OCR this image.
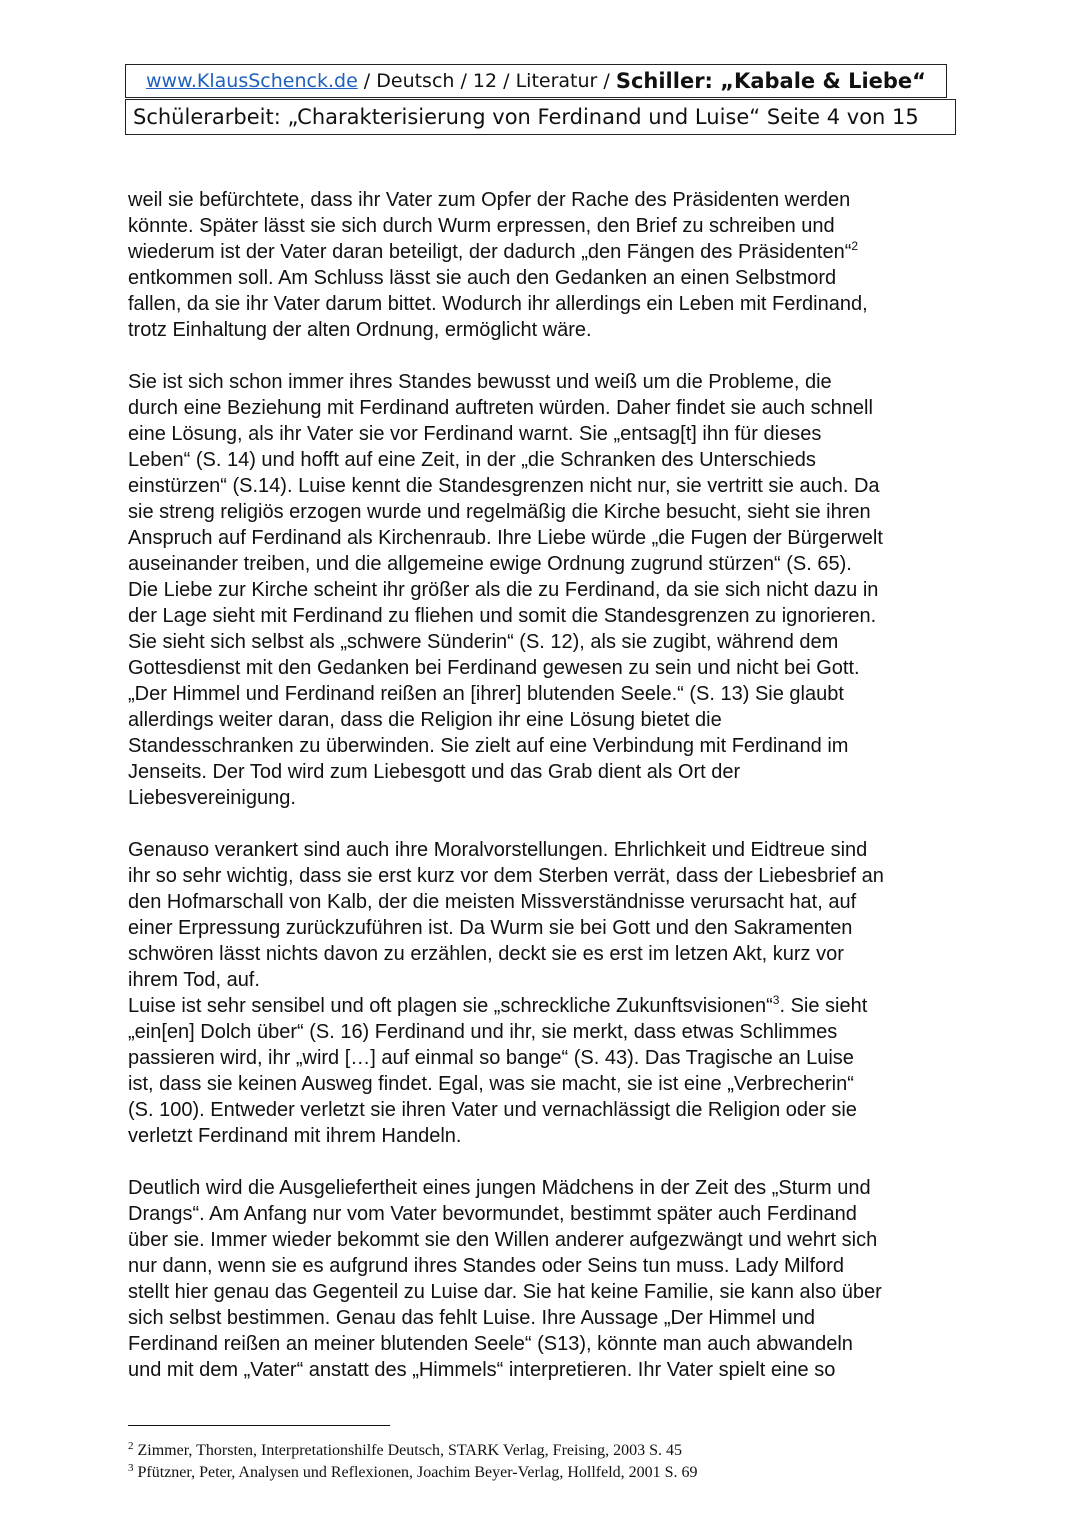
www.KlausSchenck.de / Deutsch / 12 / Literatur / Schiller: „Kabale & Liebe“
Schülerarbeit: „Charakterisierung von Ferdinand und Luise“ Seite 4 von 15
weil sie befürchtete, dass ihr Vater zum Opfer der Rache des Präsidenten werden
könnte. Später lässt sie sich durch Wurm erpressen, den Brief zu schreiben und
wiederum ist der Vater daran beteiligt, der dadurch „den Fängen des Präsidenten“$^2$
entkommen soll. Am Schluss lässt sie auch den Gedanken an einen Selbstmord
fallen, da sie ihr Vater darum bittet. Wodurch ihr allerdings ein Leben mit Ferdinand,
trotz Einhaltung der alten Ordnung, ermöglicht wäre.
Sie ist sich schon immer ihres Standes bewusst und weiß um die Probleme, die
durch eine Beziehung mit Ferdinand auftreten würden. Daher findet sie auch schnell
eine Lösung, als ihr Vater sie vor Ferdinand warnt. Sie „entsag[t] ihn für dieses
Leben“ (S. 14) und hofft auf eine Zeit, in der „die Schranken des Unterschieds
einstürzen“ (S.14). Luise kennt die Standesgrenzen nicht nur, sie vertritt sie auch. Da
sie streng religiös erzogen wurde und regelmäßig die Kirche besucht, sieht sie ihren
Anspruch auf Ferdinand als Kirchenraub. Ihre Liebe würde „die Fugen der Bürgerwelt
auseinander treiben, und die allgemeine ewige Ordnung zugrund stürzen“ (S. 65).
Die Liebe zur Kirche scheint ihr größer als die zu Ferdinand, da sie sich nicht dazu in
der Lage sieht mit Ferdinand zu fliehen und somit die Standesgrenzen zu ignorieren.
Sie sieht sich selbst als „schwere Sünderin“ (S. 12), als sie zugibt, während dem
Gottesdienst mit den Gedanken bei Ferdinand gewesen zu sein und nicht bei Gott.
„Der Himmel und Ferdinand reißen an [ihrer] blutenden Seele.“ (S. 13) Sie glaubt
allerdings weiter daran, dass die Religion ihr eine Lösung bietet die
Standesschranken zu überwinden. Sie zielt auf eine Verbindung mit Ferdinand im
Jenseits. Der Tod wird zum Liebesgott und das Grab dient als Ort der
Liebesvereinigung.
Genauso verankert sind auch ihre Moralvorstellungen. Ehrlichkeit und Eidtreue sind
ihr so sehr wichtig, dass sie erst kurz vor dem Sterben verrät, dass der Liebesbrief an
den Hofmarschall von Kalb, der die meisten Missverständnisse verursacht hat, auf
einer Erpressung zurückzuführen ist. Da Wurm sie bei Gott und den Sakramenten
schwören lässt nichts davon zu erzählen, deckt sie es erst im letzen Akt, kurz vor
ihrem Tod, auf.
Luise ist sehr sensibel und oft plagen sie „schreckliche Zukunftsvisionen“$^3$. Sie sieht
„ein[en] Dolch über“ (S. 16) Ferdinand und ihr, sie merkt, dass etwas Schlimmes
passieren wird, ihr „wird […] auf einmal so bange“ (S. 43). Das Tragische an Luise
ist, dass sie keinen Ausweg findet. Egal, was sie macht, sie ist eine „Verbrecherin“
(S. 100). Entweder verletzt sie ihren Vater und vernachlässigt die Religion oder sie
verletzt Ferdinand mit ihrem Handeln.
Deutlich wird die Ausgeliefertheit eines jungen Mädchens in der Zeit des „Sturm und
Drangs“. Am Anfang nur vom Vater bevormundet, bestimmt später auch Ferdinand
über sie. Immer wieder bekommt sie den Willen anderer aufgezwängt und wehrt sich
nur dann, wenn sie es aufgrund ihres Standes oder Seins tun muss. Lady Milford
stellt hier genau das Gegenteil zu Luise dar. Sie hat keine Familie, sie kann also über
sich selbst bestimmen. Genau das fehlt Luise. Ihre Aussage „Der Himmel und
Ferdinand reißen an meiner blutenden Seele“ (S13), könnte man auch abwandeln
und mit dem „Vater“ anstatt des „Himmels“ interpretieren. Ihr Vater spielt eine so
$^2$ Zimmer, Thorsten, Interpretationshilfe Deutsch, STARK Verlag, Freising, 2003 S. 45
$^3$ Pfützner, Peter, Analysen und Reflexionen, Joachim Beyer-Verlag, Hollfeld, 2001 S. 69
